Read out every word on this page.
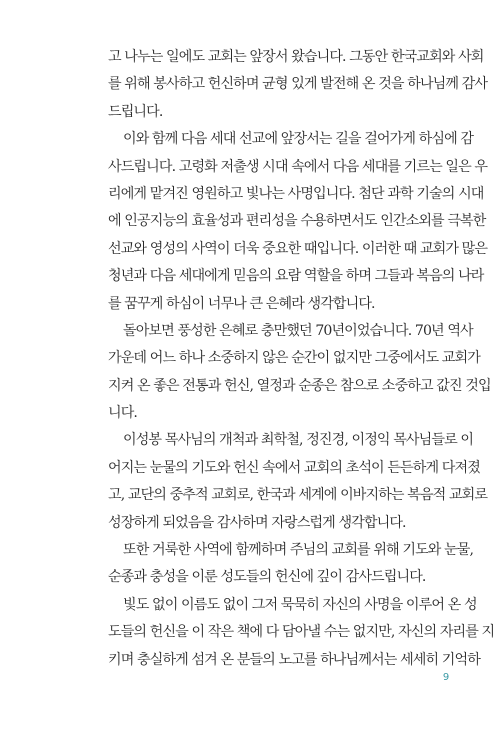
고 나누는 일에도 교회는 앞장서 왔습니다. 그동안 한국교회와 사회
를 위해 봉사하고 헌신하며 균형 있게 발전해 온 것을 하나님께 감사
드립니다.
이와 함께 다음 세대 선교에 앞장서는 길을 걸어가게 하심에 감
사드립니다. 고령화 저출생 시대 속에서 다음 세대를 기르는 일은 우
리에게 맡겨진 영원하고 빛나는 사명입니다. 첨단 과학 기술의 시대
에 인공지능의 효율성과 편리성을 수용하면서도 인간소외를 극복한
선교와 영성의 사역이 더욱 중요한 때입니다. 이러한 때 교회가 많은
청년과 다음 세대에게 믿음의 요람 역할을 하며 그들과 복음의 나라
를 꿈꾸게 하심이 너무나 큰 은혜라 생각합니다.
돌아보면 풍성한 은혜로 충만했던 70년이었습니다. 70년 역사
가운데 어느 하나 소중하지 않은 순간이 없지만 그중에서도 교회가
지켜 온 좋은 전통과 헌신, 열정과 순종은 참으로 소중하고 값진 것입
니다.
이성봉 목사님의 개척과 최학철, 정진경, 이정익 목사님들로 이
어지는 눈물의 기도와 헌신 속에서 교회의 초석이 든든하게 다져졌
고, 교단의 중추적 교회로, 한국과 세계에 이바지하는 복음적 교회로
성장하게 되었음을 감사하며 자랑스럽게 생각합니다.
또한 거룩한 사역에 함께하며 주님의 교회를 위해 기도와 눈물,
순종과 충성을 이룬 성도들의 헌신에 깊이 감사드립니다.
빛도 없이 이름도 없이 그저 묵묵히 자신의 사명을 이루어 온 성
도들의 헌신을 이 작은 책에 다 담아낼 수는 없지만, 자신의 자리를 지
키며 충실하게 섬겨 온 분들의 노고를 하나님께서는 세세히 기억하
9
